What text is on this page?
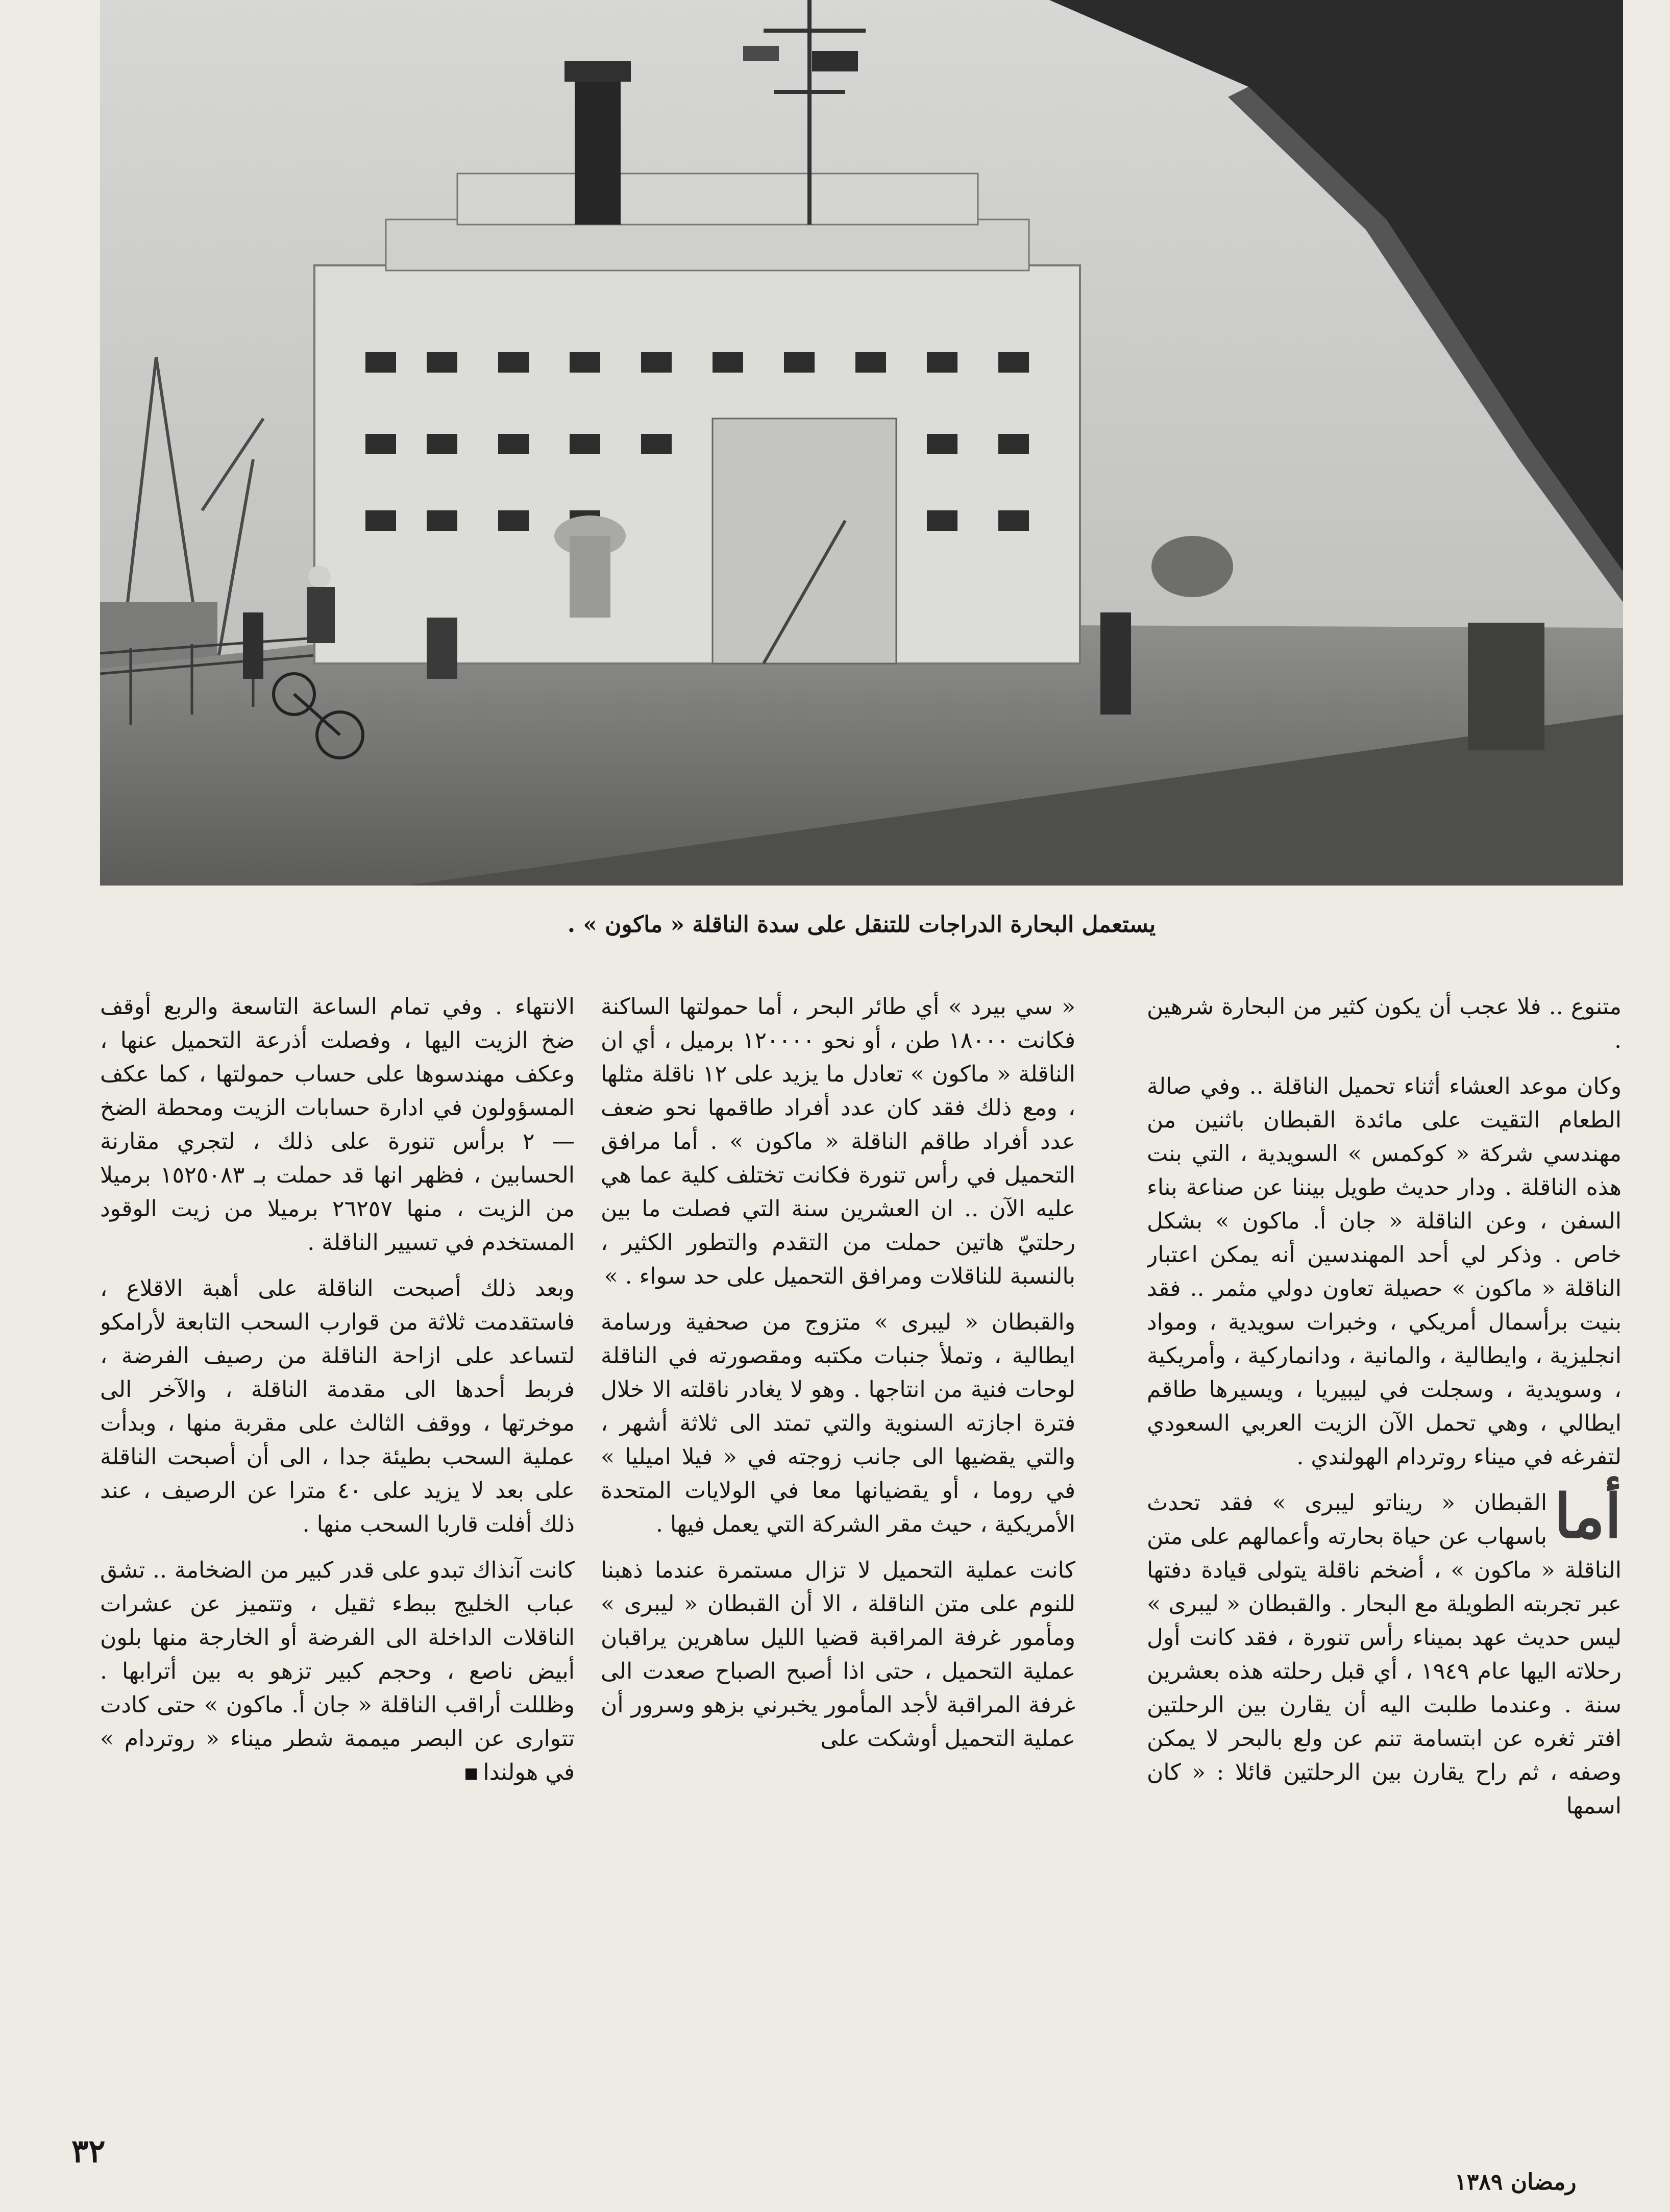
يستعمل البحارة الدراجات للتنقل على سدة الناقلة « ماكون » .

متنوع .. فلا عجب أن يكون كثير من البحارة شرهين .

وكان موعد العشاء أثناء تحميل الناقلة .. وفي صالة الطعام التقيت على مائدة القبطان باثنين من مهندسي شركة « كوكمس » السويدية ، التي بنت هذه الناقلة . ودار حديث طويل بيننا عن صناعة بناء السفن ، وعن الناقلة « جان أ. ماكون » بشكل خاص . وذكر لي أحد المهندسين أنه يمكن اعتبار الناقلة « ماكون » حصيلة تعاون دولي مثمر .. فقد بنيت برأسمال أمريكي ، وخبرات سويدية ، ومواد انجليزية ، وايطالية ، والمانية ، ودانماركية ، وأمريكية ، وسويدية ، وسجلت في ليبيريا ، ويسيرها طاقم ايطالي ، وهي تحمل الآن الزيت العربي السعودي لتفرغه في ميناء روتردام الهولندي .

أما
القبطان « ريناتو ليبرى » فقد تحدث باسهاب عن حياة بحارته وأعمالهم على متن الناقلة « ماكون » ، أضخم ناقلة يتولى قيادة دفتها عبر تجربته الطويلة مع البحار . والقبطان « ليبرى » ليس حديث عهد بميناء رأس تنورة ، فقد كانت أول رحلاته اليها عام ١٩٤٩ ، أي قبل رحلته هذه بعشرين سنة . وعندما طلبت اليه أن يقارن بين الرحلتين افتر ثغره عن ابتسامة تنم عن ولع بالبحر لا يمكن وصفه ، ثم راح يقارن بين الرحلتين قائلا : « كان اسمها

« سي بيرد » أي طائر البحر ، أما حمولتها الساكنة فكانت ١٨٠٠٠ طن ، أو نحو ١٢٠٠٠٠ برميل ، أي ان الناقلة « ماكون » تعادل ما يزيد على ١٢ ناقلة مثلها ، ومع ذلك فقد كان عدد أفراد طاقمها نحو ضعف عدد أفراد طاقم الناقلة « ماكون » . أما مرافق التحميل في رأس تنورة فكانت تختلف كلية عما هي عليه الآن .. ان العشرين سنة التي فصلت ما بين رحلتيّ هاتين حملت من التقدم والتطور الكثير ، بالنسبة للناقلات ومرافق التحميل على حد سواء . »

والقبطان « ليبرى » متزوج من صحفية ورسامة ايطالية ، وتملأ جنبات مكتبه ومقصورته في الناقلة لوحات فنية من انتاجها . وهو لا يغادر ناقلته الا خلال فترة اجازته السنوية والتي تمتد الى ثلاثة أشهر ، والتي يقضيها الى جانب زوجته في « فيلا اميليا » في روما ، أو يقضيانها معا في الولايات المتحدة الأمريكية ، حيث مقر الشركة التي يعمل فيها .

كانت عملية التحميل لا تزال مستمرة عندما ذهبنا للنوم على متن الناقلة ، الا أن القبطان « ليبرى » ومأمور غرفة المراقبة قضيا الليل ساهرين يراقبان عملية التحميل ، حتى اذا أصبح الصباح صعدت الى غرفة المراقبة لأجد المأمور يخبرني بزهو وسرور أن عملية التحميل أوشكت على

الانتهاء . وفي تمام الساعة التاسعة والربع أوقف ضخ الزيت اليها ، وفصلت أذرعة التحميل عنها ، وعكف مهندسوها على حساب حمولتها ، كما عكف المسؤولون في ادارة حسابات الزيت ومحطة الضخ — ٢ برأس تنورة على ذلك ، لتجري مقارنة الحسابين ، فظهر انها قد حملت بـ ١٥٢٥٠٨٣ برميلا من الزيت ، منها ٢٦٢٥٧ برميلا من زيت الوقود المستخدم في تسيير الناقلة .

وبعد ذلك أصبحت الناقلة على أهبة الاقلاع ، فاستقدمت ثلاثة من قوارب السحب التابعة لأرامكو لتساعد على ازاحة الناقلة من رصيف الفرضة ، فربط أحدها الى مقدمة الناقلة ، والآخر الى موخرتها ، ووقف الثالث على مقربة منها ، وبدأت عملية السحب بطيئة جدا ، الى أن أصبحت الناقلة على بعد لا يزيد على ٤٠ مترا عن الرصيف ، عند ذلك أفلت قاربا السحب منها .

كانت آنذاك تبدو على قدر كبير من الضخامة .. تشق عباب الخليج ببطء ثقيل ، وتتميز عن عشرات الناقلات الداخلة الى الفرضة أو الخارجة منها بلون أبيض ناصع ، وحجم كبير تزهو به بين أترابها . وظللت أراقب الناقلة « جان أ. ماكون » حتى كادت تتوارى عن البصر ميممة شطر ميناء « روتردام » في هولندا

٣٢
رمضان ١٣٨٩
